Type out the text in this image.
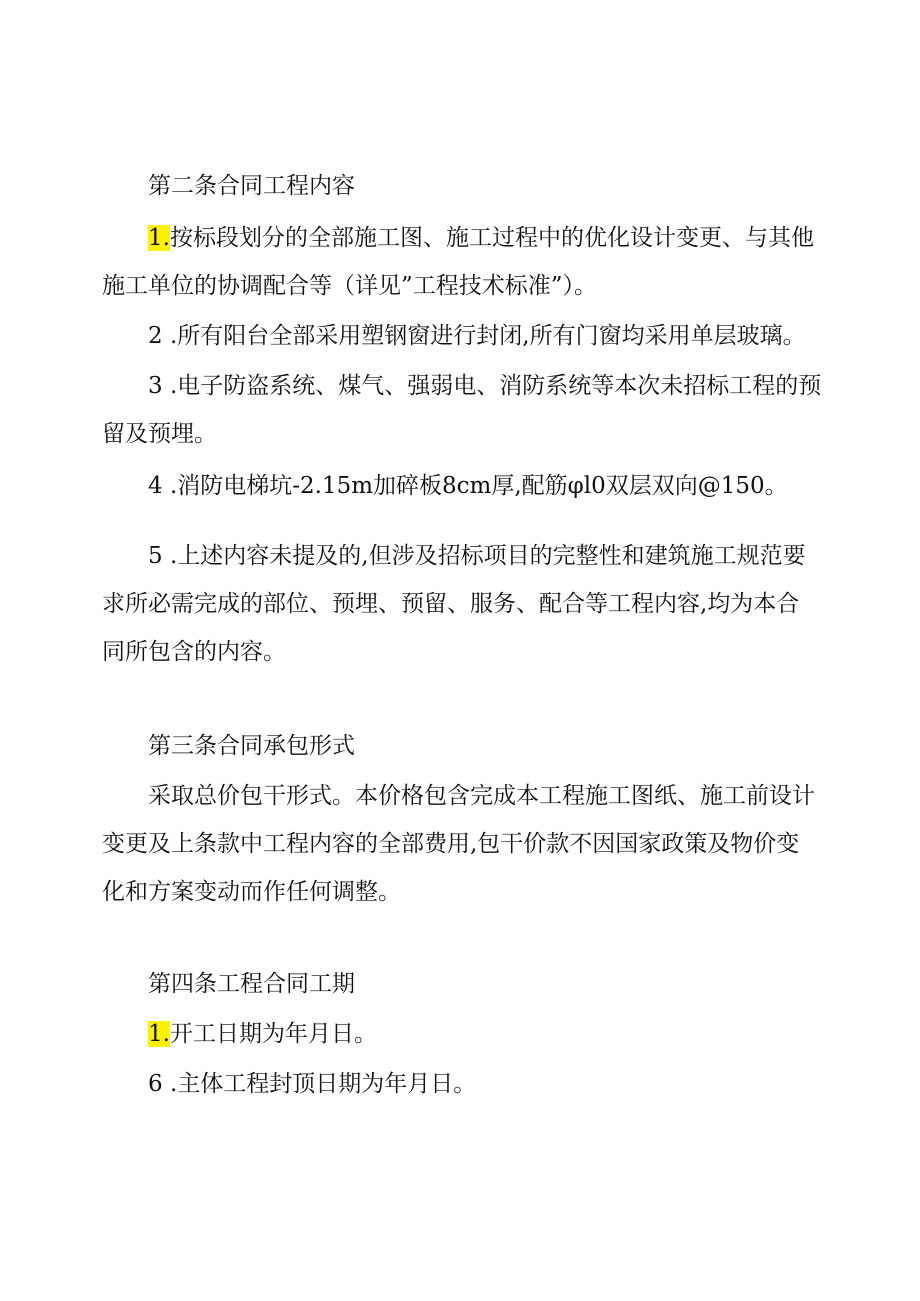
第二条合同工程内容
1.按标段划分的全部施工图、施工过程中的优化设计变更、与其他
施工单位的协调配合等（详见”工程技术标准”）。
2 .所有阳台全部采用塑钢窗进行封闭,所有门窗均采用单层玻璃。
3 .电子防盗系统、煤气、强弱电、消防系统等本次未招标工程的预
留及预埋。
4 .消防电梯坑-2.15m加碎板8cm厚,配筋φl0双层双向@150。
5 .上述内容未提及的,但涉及招标项目的完整性和建筑施工规范要
求所必需完成的部位、预埋、预留、服务、配合等工程内容,均为本合
同所包含的内容。
第三条合同承包形式
采取总价包干形式。本价格包含完成本工程施工图纸、施工前设计
变更及上条款中工程内容的全部费用,包干价款不因国家政策及物价变
化和方案变动而作任何调整。
第四条工程合同工期
1.开工日期为年月日。
6 .主体工程封顶日期为年月日。
